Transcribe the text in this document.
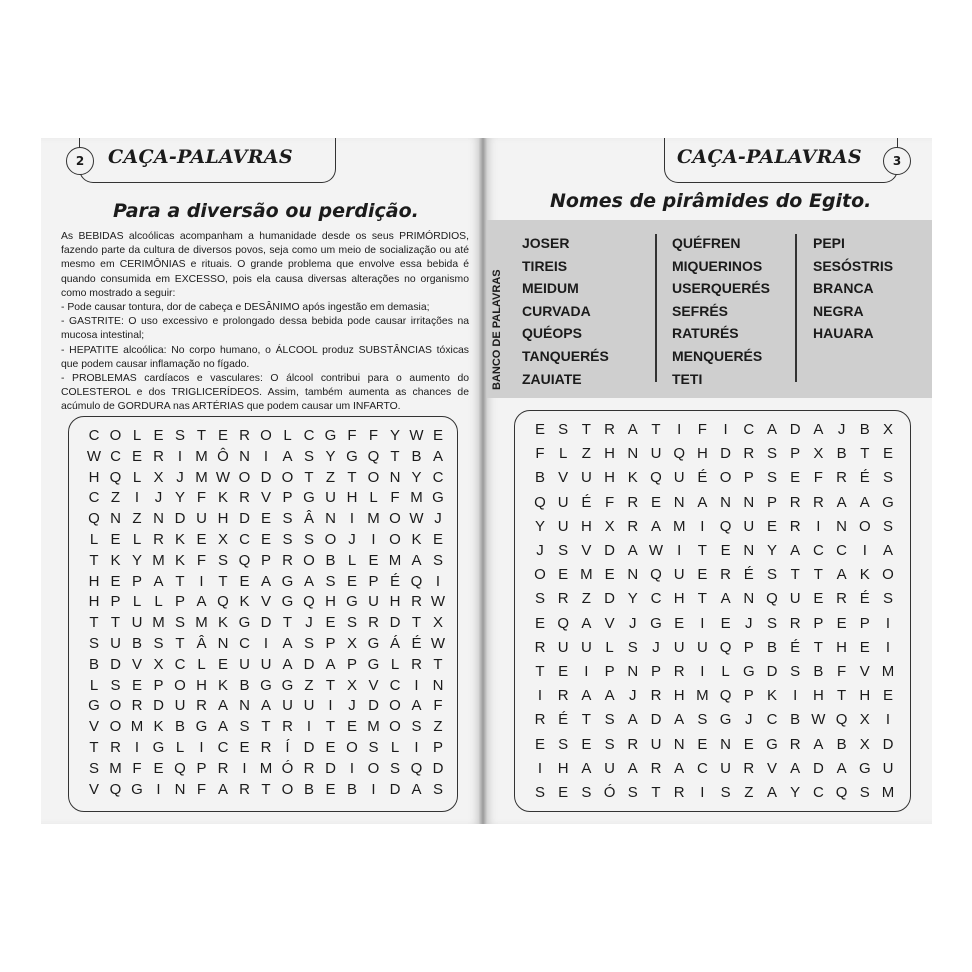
2	CAÇA-PALAVRAS
Para a diversão ou perdição.

As BEBIDAS alcoólicas acompanham a humanidade desde os seus PRIMÓRDIOS, fazendo parte da cultura de diversos povos, seja como um meio de socialização ou até mesmo em CERIMÔNIAS e rituais. O grande problema que envolve essa bebida é quando consumida em EXCESSO, pois ela causa diversas alterações no organismo como mostrado a seguir:

- Pode causar tontura, dor de cabeça e DESÂNIMO após ingestão em demasia;

- GASTRITE: O uso excessivo e prolongado dessa bebida pode causar irritações na mucosa intestinal;

- HEPATITE alcoólica: No corpo humano, o ÁLCOOL produz SUBSTÂNCIAS tóxicas que podem causar inflamação no fígado.

- PROBLEMAS cardíacos e vasculares: O álcool contribui para o aumento do COLESTEROL e dos TRIGLICERÍDEOS. Assim, também aumenta as chances de acúmulo de GORDURA nas ARTÉRIAS que podem causar um INFARTO.

C O L E S T E R O L C G F F Y W E
W C E R I M Ô N I A S Y G Q T B A
H Q L X J M W O D O T Z T O N Y C
C Z I	J Y F K R V P G U H L F M G
Q N Z N D U H D E S Â N I M O W J
L E L R K E X C E S S O J	I O K E
T K Y M K F S Q P R O B L E M A S
H E P A T I T E A G A S E P É Q I
H P L L P A Q K V G Q H G U H R W
T T U M S M K G D T J E S R D T X
S U B S T Â N C I A S P X G Á É W
B D V X C L E U U A D A P G L R T
L S E P O H K B G G Z T X V C I N
G O R D U R A N A U U I	J D O A F
V O M K B G A S T R I T E M O S Z
T R I G L	I C E R Í D E O S L	I P
S M F E Q P R I M Ó R D I O S Q D
V Q G I N F A R T O B E B I D A S
CAÇA-PALAVRAS	3
Nomes de pirâmides do Egito.
BANCO DE PALAVRAS
JOSER
TIREIS
MEIDUM
CURVADA
QUÉOPS
TANQUERÉS
ZAUIATE
QUÉFREN
MIQUERINOS
USERQUERÉS
SEFRÉS
RATURÉS
MENQUERÉS
TETI
PEPI
SESÓSTRIS
BRANCA
NEGRA
HAUARA
E S T R A T	I	F	I	C A D A J B X
F L Z H N U Q H D R S P X B T E
B V U H K Q U É O P S E F R É S
Q U É F R E N A N N P R R A A G
Y U H X R A M I	Q U E R	I	N O S
J S V D A W I	T E N Y A C C	I	A
O E M E N Q U E R É S T T A K O
S R Z D Y C H T A N Q U E R É S
E Q A V J G E	I	E J S R P E P	I
R U U L S J U U Q P B É T H E	I
T E	I	P N P R	I	L G D S B F V M
I	R A A J R H M Q P K	I	H T H E
R É T S A D A S G J C B W Q X	I
E S E S R U N E N E G R A B X D
I	H A U A R A C U R V A D A G U
S E S Ó S T R	I	S Z A Y C Q S M
